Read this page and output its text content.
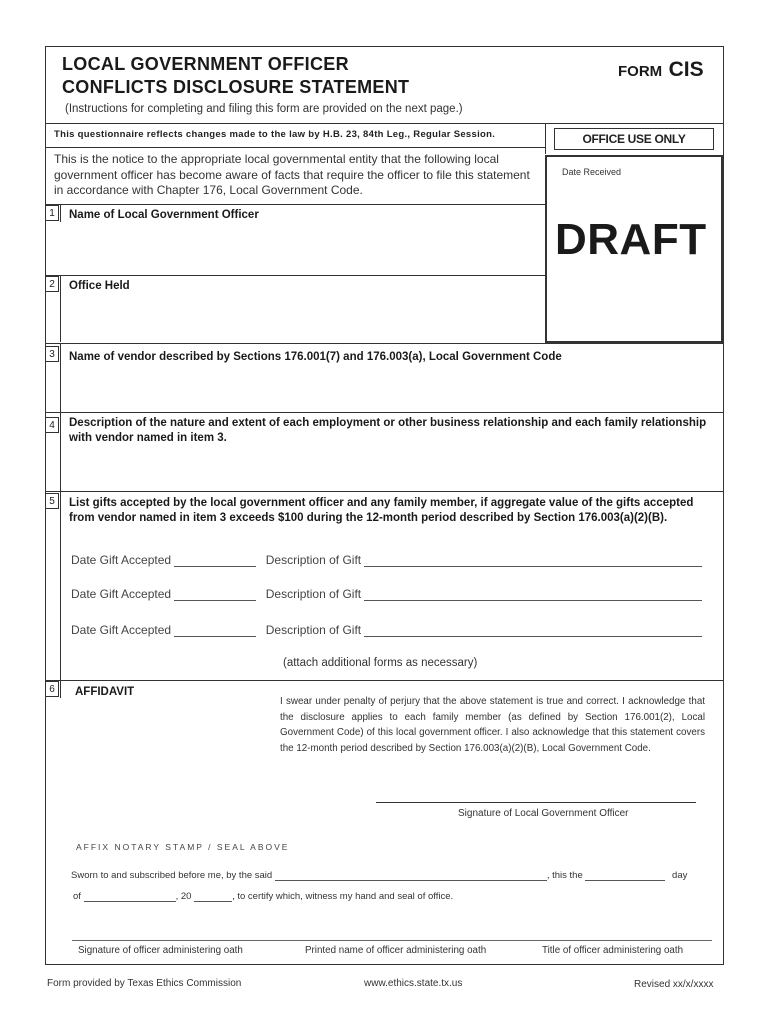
LOCAL GOVERNMENT OFFICER
CONFLICTS DISCLOSURE STATEMENT
FORM CIS
(Instructions for completing and filing this form are provided on the next page.)
This questionnaire reflects changes made to the law by H.B. 23, 84th Leg., Regular Session.
This is the notice to the appropriate local governmental entity that the following local government officer has become aware of facts that require the officer to file this statement in accordance with Chapter 176, Local Government Code.
OFFICE USE ONLY
Date Received
DRAFT
1	Name of Local Government Officer
2	Office Held
3	Name of vendor described by Sections 176.001(7) and 176.003(a), Local Government Code
4	Description of the nature and extent of each employment or other business relationship and each family relationship with vendor named in item 3.
5	List gifts accepted by the local government officer and any family member, if aggregate value of the gifts accepted from vendor named in item 3 exceeds $100 during the 12-month period described by Section 176.003(a)(2)(B).
Date Gift Accepted	Description of Gift
Date Gift Accepted	Description of Gift
Date Gift Accepted	Description of Gift
(attach additional forms as necessary)
6	AFFIDAVIT
I swear under penalty of perjury that the above statement is true and correct. I acknowledge that the disclosure applies to each family member (as defined by Section 176.001(2), Local Government Code) of this local government officer. I also acknowledge that this statement covers the 12-month period described by Section 176.003(a)(2)(B), Local Government Code.
Signature of Local Government Officer
AFFIX NOTARY STAMP / SEAL ABOVE
Sworn to and subscribed before me, by the said	, this the	day
of	, 20	, to certify which, witness my hand and seal of office.
Signature of officer administering oath	Printed name of officer administering oath	Title of officer administering oath
Form provided by Texas Ethics Commission	www.ethics.state.tx.us	Revised xx/x/xxxx
